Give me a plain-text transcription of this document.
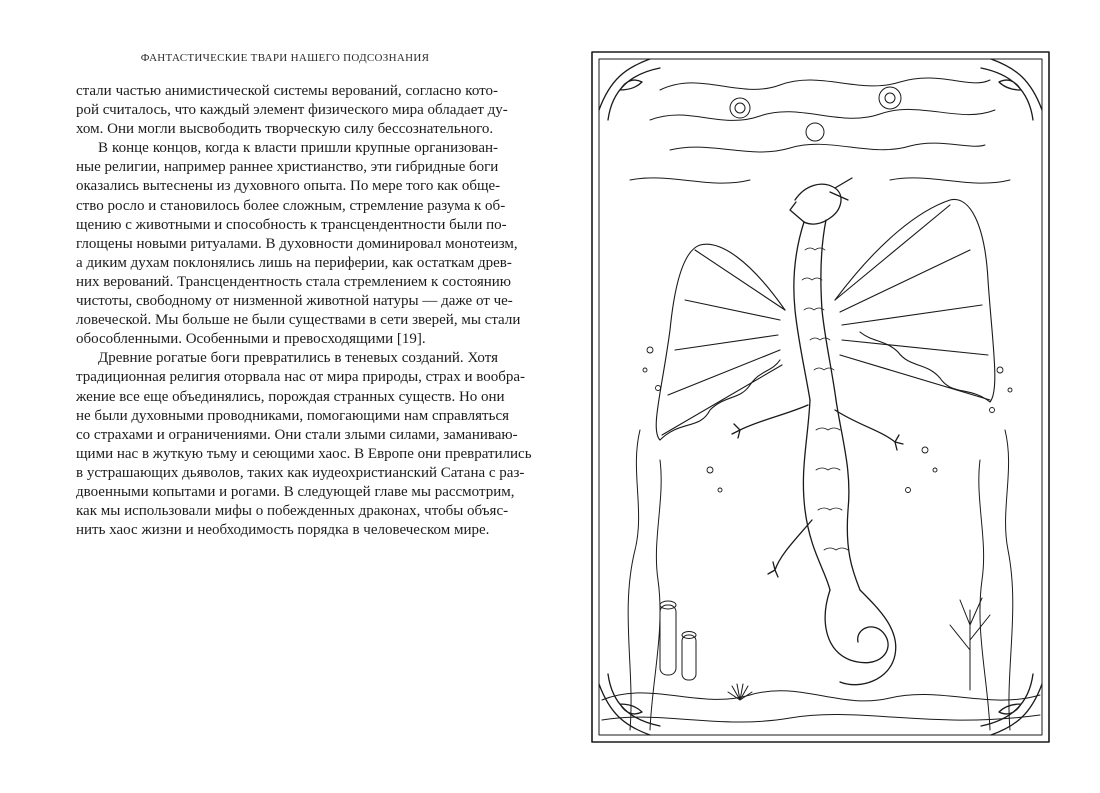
ФАНТАСТИЧЕСКИЕ ТВАРИ НАШЕГО ПОДСОЗНАНИЯ
стали частью анимистической системы верований, согласно кото-
рой считалось, что каждый элемент физического мира обладает ду-
хом. Они могли высвободить творческую силу бессознательного.
В конце концов, когда к власти пришли крупные организован-
ные религии, например раннее христианство, эти гибридные боги
оказались вытеснены из духовного опыта. По мере того как обще-
ство росло и становилось более сложным, стремление разума к об-
щению с животными и способность к трансцендентности были по-
глощены новыми ритуалами. В духовности доминировал монотеизм,
а диким духам поклонялись лишь на периферии, как остаткам древ-
них верований. Трансцендентность стала стремлением к состоянию
чистоты, свободному от низменной животной натуры — даже от че-
ловеческой. Мы больше не были существами в сети зверей, мы стали
обособленными. Особенными и превосходящими [19].
Древние рогатые боги превратились в теневых созданий. Хотя
традиционная религия оторвала нас от мира природы, страх и вообра-
жение все еще объединялись, порождая странных существ. Но они
не были духовными проводниками, помогающими нам справляться
со страхами и ограничениями. Они стали злыми силами, заманиваю-
щими нас в жуткую тьму и сеющими хаос. В Европе они превратились
в устрашающих дьяволов, таких как иудеохристианский Сатана с раз-
двоенными копытами и рогами. В следующей главе мы рассмотрим,
как мы использовали мифы о побежденных драконах, чтобы объяс-
нить хаос жизни и необходимость порядка в человеческом мире.
